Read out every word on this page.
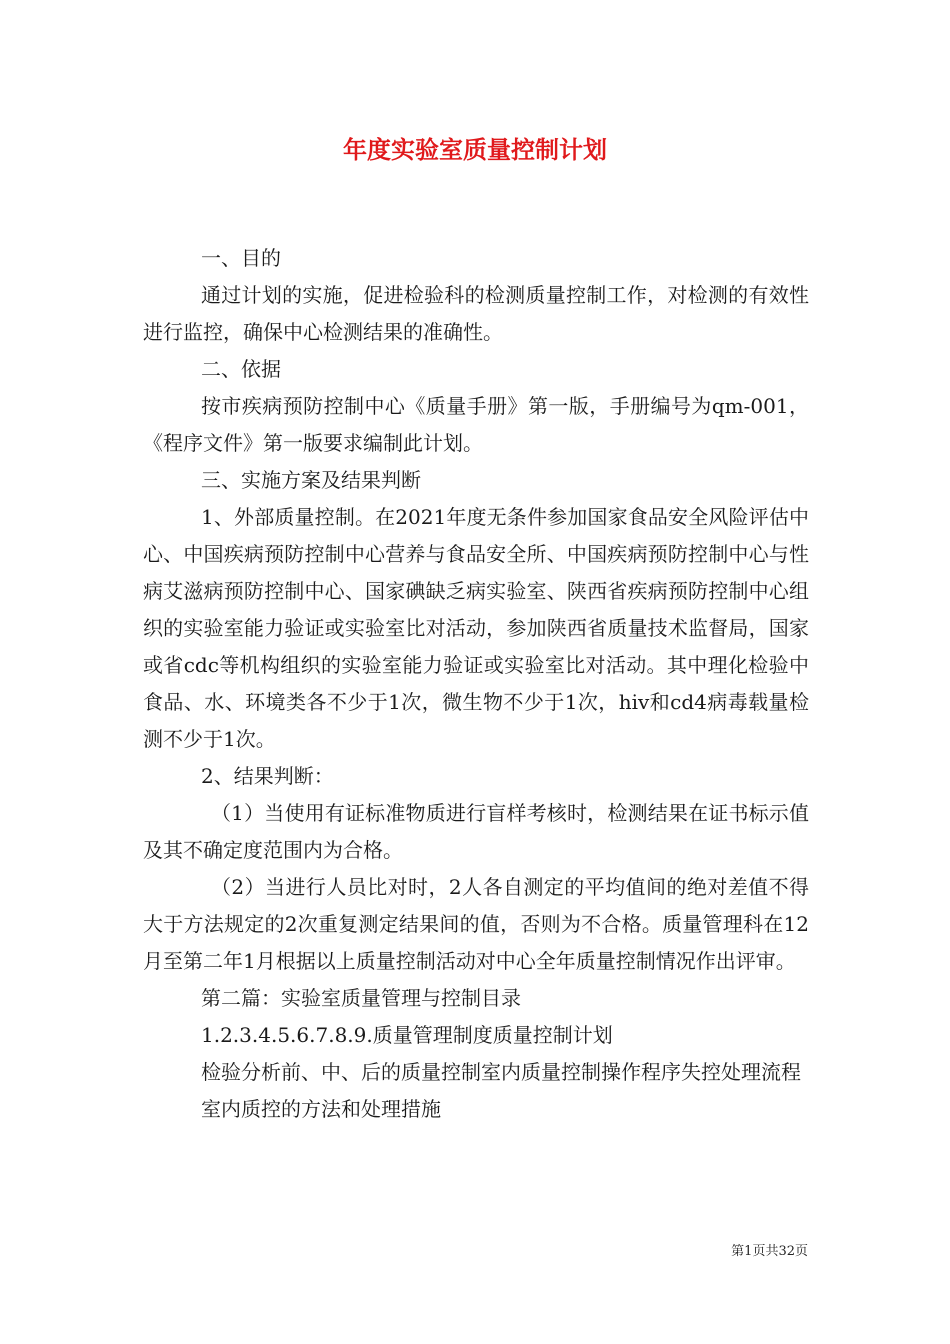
年度实验室质量控制计划

一、目的

通过计划的实施，促进检验科的检测质量控制工作，对检测的有效性进行监控，确保中心检测结果的准确性。

二、依据

按市疾病预防控制中心《质量手册》第一版，手册编号为qm-001，《程序文件》第一版要求编制此计划。

三、实施方案及结果判断

1、外部质量控制。在2021年度无条件参加国家食品安全风险评估中心、中国疾病预防控制中心营养与食品安全所、中国疾病预防控制中心与性病艾滋病预防控制中心、国家碘缺乏病实验室、陕西省疾病预防控制中心组织的实验室能力验证或实验室比对活动，参加陕西省质量技术监督局，国家或省cdc等机构组织的实验室能力验证或实验室比对活动。其中理化检验中食品、水、环境类各不少于1次，微生物不少于1次，hiv和cd4病毒载量检测不少于1次。

2、结果判断：

（1）当使用有证标准物质进行盲样考核时，检测结果在证书标示值及其不确定度范围内为合格。

（2）当进行人员比对时，2人各自测定的平均值间的绝对差值不得大于方法规定的2次重复测定结果间的值，否则为不合格。质量管理科在12月至第二年1月根据以上质量控制活动对中心全年质量控制情况作出评审。

第二篇：实验室质量管理与控制目录

1.2.3.4.5.6.7.8.9.质量管理制度质量控制计划

检验分析前、中、后的质量控制室内质量控制操作程序失控处理流程

室内质控的方法和处理措施

第1页共32页
